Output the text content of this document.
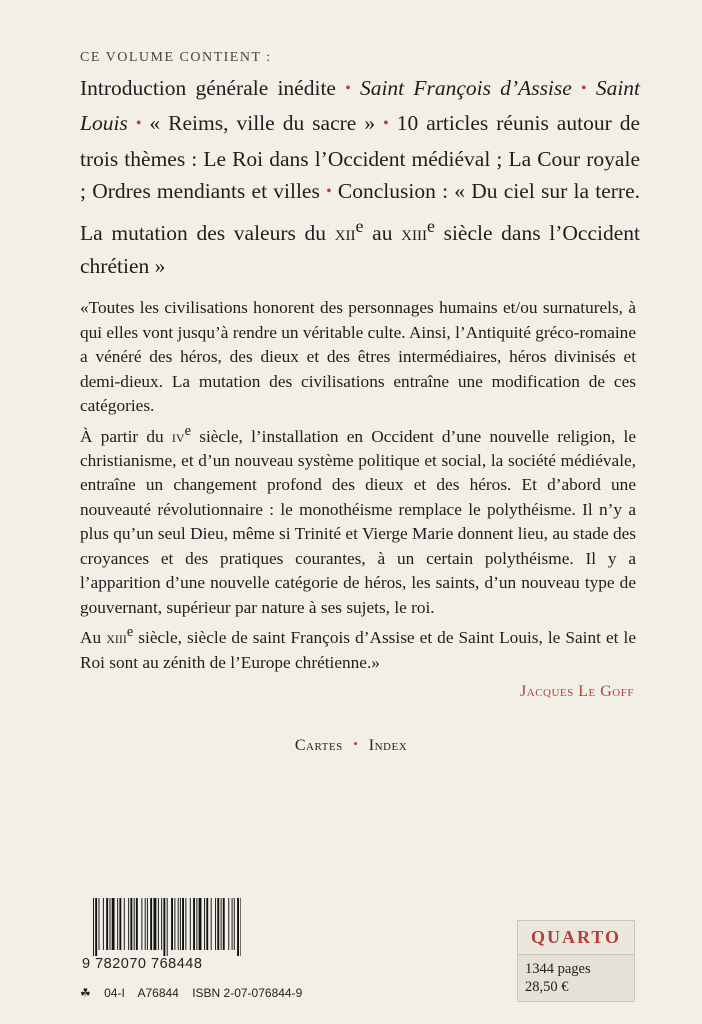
CE VOLUME CONTIENT :
Introduction générale inédite • Saint François d’Assise • Saint Louis • « Reims, ville du sacre » • 10 articles réunis autour de trois thèmes : Le Roi dans l’Occident médiéval ; La Cour royale ; Ordres mendiants et villes • Conclusion : « Du ciel sur la terre. La mutation des valeurs du xii$^e$ au xiii$^e$ siècle dans l’Occident chrétien »

«Toutes les civilisations honorent des personnages humains et/ou surnaturels, à qui elles vont jusqu’à rendre un véritable culte. Ainsi, l’Antiquité gréco-romaine a vénéré des héros, des dieux et des êtres intermédiaires, héros divinisés et demi-dieux. La mutation des civilisations entraîne une modification de ces catégories.

À partir du $iv^e$ siècle, l’installation en Occident d’une nouvelle religion, le christianisme, et d’un nouveau système politique et social, la société médiévale, entraîne un changement profond des dieux et des héros. Et d’abord une nouveauté révolutionnaire : le monothéisme remplace le polythéisme. Il n’y a plus qu’un seul Dieu, même si Trinité et Vierge Marie donnent lieu, au stade des croyances et des pratiques courantes, à un certain polythéisme. Il y a l’apparition d’une nouvelle catégorie de héros, les saints, d’un nouveau type de gouvernant, supérieur par nature à ses sujets, le roi.

Au xiii$^e$ siècle, siècle de saint François d’Assise et de Saint Louis, le Saint et le Roi sont au zénith de l’Europe chrétienne.»

Jacques Le Goff
Cartes • Index
9 782070 768448
☘ 04-I A76844 ISBN 2-07-076844-9
QUARTO
1344 pages
28,50 €
